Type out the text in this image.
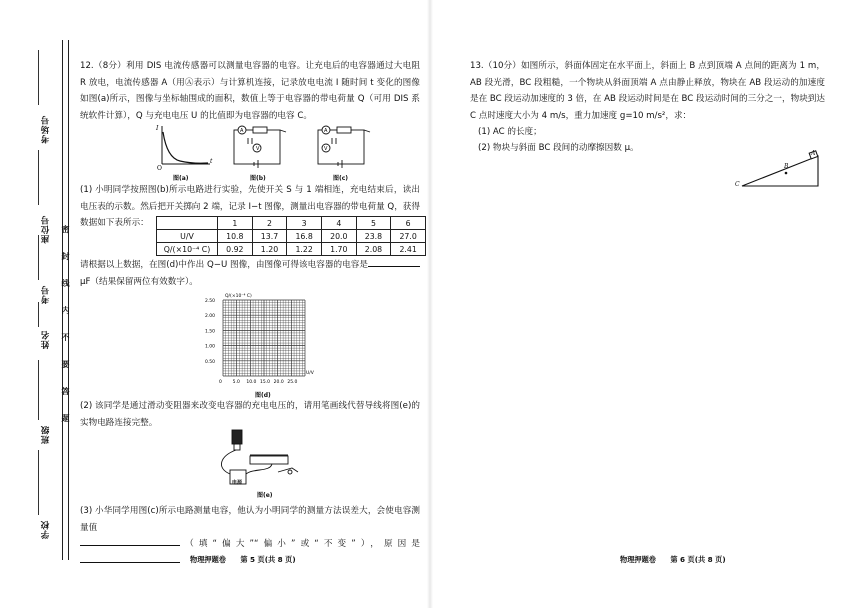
考场号
座位号
考号
姓名
班级
学校
密
封
线
内
不
要
答
题
12.（8分）利用 DIS 电流传感器可以测量电容器的电容。让充电后的电容器通过大电阻 R 放电，电流传感器 A（用Ⓐ表示）与计算机连接，记录放电电流 I 随时间 t 变化的图像如图(a)所示，图像与坐标轴围成的面积，数值上等于电容器的带电荷量 Q（可用 DIS 系统软件计算），Q 与充电电压 U 的比值即为电容器的电容 C。
I
t
O
A
V
A
V
图(a)	图(b)	图(c)
(1) 小明同学按照图(b)所示电路进行实验，先使开关 S 与 1 端相连，充电结束后，读出电压表的示数。然后把开关掷向 2 端，记录 I−t 图像，测量出电容器的带电荷量 Q，获得数据如下表所示：
		1	2	3	4	5	6
U/V	10.8	13.7	16.8	20.0	23.8	27.0
Q/(×10⁻⁴ C)	0.92	1.20	1.22	1.70	2.08	2.41
请根据以上数据，在图(d)中作出 Q−U 图像，由图像可得该电容器的电容是μF（结果保留两位有效数字）。
2.50
2.00
1.50
1.00
0.50
0 5.0 10.0 15.0 20.0 25.0
Q/(×10⁻⁴ C)
U/V
图(d)
(2) 该同学是通过滑动变阻器来改变电容器的充电电压的，请用笔画线代替导线将图(e)的实物电路连接完整。
电源
图(e)
(3) 小华同学用图(c)所示电路测量电容，他认为小明同学的测量方法误差大，会使电容测量值
（填“偏大”“偏小”或“不变”），原因是
物理押题卷　　第 5 页(共 8 页)
13.（10分）如图所示，斜面体固定在水平面上，斜面上 B 点到顶端 A 点间的距离为 1 m，AB 段光滑，BC 段粗糙，一个物块从斜面顶端 A 点由静止释放，物块在 AB 段运动的加速度是在 BC 段运动加速度的 3 倍，在 AB 段运动时间是在 BC 段运动时间的三分之一，物块到达 C 点时速度大小为 4 m/s，重力加速度 g=10 m/s²，求：
(1) AC 的长度；
(2) 物块与斜面 BC 段间的动摩擦因数 μ。
A
B
C
物理押题卷　　第 6 页(共 8 页)
